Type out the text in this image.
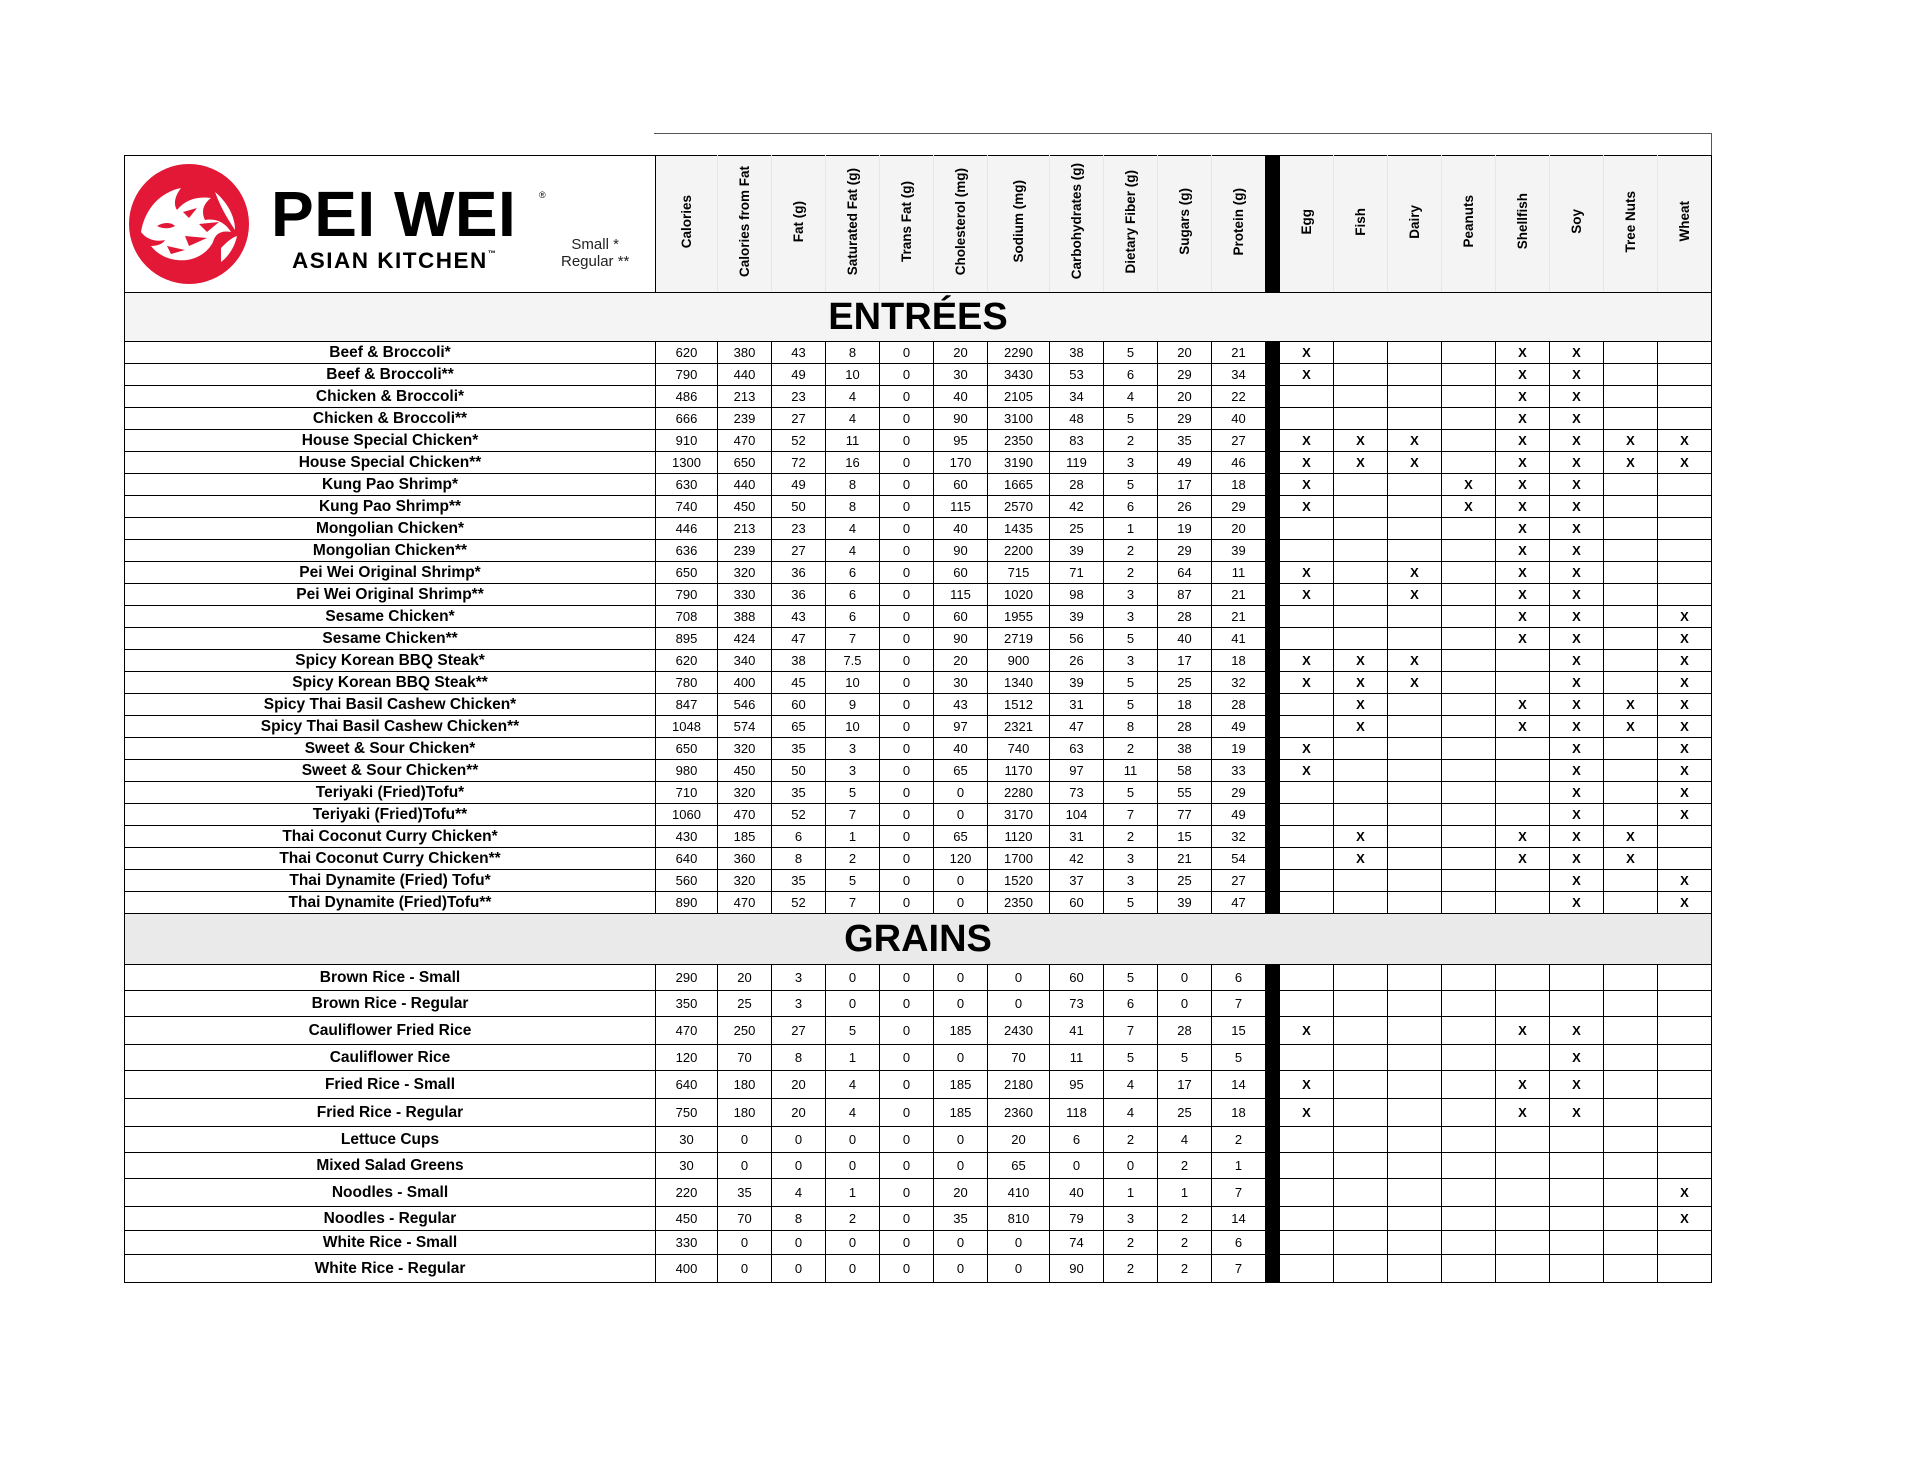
PEI WEI ®
ASIAN KITCHEN™
Small *
Regular **	Calories	Calories from Fat	Fat (g)	Saturated Fat (g)	Trans Fat (g)	Cholesterol (mg)	Sodium (mg)	Carbohydrates (g)	Dietary Fiber (g)	Sugars (g)	Protein (g)		Egg	Fish	Dairy	Peanuts	Shellfish	Soy	Tree Nuts	Wheat
ENTRÉES																				
Beef & Broccoli*	620	380	43	8	0	20	2290	38	5	20	21		X				X	X		
Beef & Broccoli**	790	440	49	10	0	30	3430	53	6	29	34		X				X	X		
Chicken & Broccoli*	486	213	23	4	0	40	2105	34	4	20	22						X	X		
Chicken & Broccoli**	666	239	27	4	0	90	3100	48	5	29	40						X	X		
House Special Chicken*	910	470	52	11	0	95	2350	83	2	35	27		X	X	X		X	X	X	X
House Special Chicken**	1300	650	72	16	0	170	3190	119	3	49	46		X	X	X		X	X	X	X
Kung Pao Shrimp*	630	440	49	8	0	60	1665	28	5	17	18		X			X	X	X		
Kung Pao Shrimp**	740	450	50	8	0	115	2570	42	6	26	29		X			X	X	X		
Mongolian Chicken*	446	213	23	4	0	40	1435	25	1	19	20						X	X		
Mongolian Chicken**	636	239	27	4	0	90	2200	39	2	29	39						X	X		
Pei Wei Original Shrimp*	650	320	36	6	0	60	715	71	2	64	11		X		X		X	X		
Pei Wei Original Shrimp**	790	330	36	6	0	115	1020	98	3	87	21		X		X		X	X		
Sesame Chicken*	708	388	43	6	0	60	1955	39	3	28	21						X	X		X
Sesame Chicken**	895	424	47	7	0	90	2719	56	5	40	41						X	X		X
Spicy Korean BBQ Steak*	620	340	38	7.5	0	20	900	26	3	17	18		X	X	X			X		X
Spicy Korean BBQ Steak**	780	400	45	10	0	30	1340	39	5	25	32		X	X	X			X		X
Spicy Thai Basil Cashew Chicken*	847	546	60	9	0	43	1512	31	5	18	28			X			X	X	X	X
Spicy Thai Basil Cashew Chicken**	1048	574	65	10	0	97	2321	47	8	28	49			X			X	X	X	X
Sweet & Sour Chicken*	650	320	35	3	0	40	740	63	2	38	19		X					X		X
Sweet & Sour Chicken**	980	450	50	3	0	65	1170	97	11	58	33		X					X		X
Teriyaki (Fried)Tofu*	710	320	35	5	0	0	2280	73	5	55	29							X		X
Teriyaki (Fried)Tofu**	1060	470	52	7	0	0	3170	104	7	77	49							X		X
Thai Coconut Curry Chicken*	430	185	6	1	0	65	1120	31	2	15	32			X			X	X	X	
Thai Coconut Curry Chicken**	640	360	8	2	0	120	1700	42	3	21	54			X			X	X	X	
Thai Dynamite (Fried) Tofu*	560	320	35	5	0	0	1520	37	3	25	27							X		X
Thai Dynamite (Fried)Tofu**	890	470	52	7	0	0	2350	60	5	39	47							X		X
GRAINS																				
Brown Rice - Small	290	20	3	0	0	0	0	60	5	0	6									
Brown Rice - Regular	350	25	3	0	0	0	0	73	6	0	7									
Cauliflower Fried Rice	470	250	27	5	0	185	2430	41	7	28	15		X				X	X		
Cauliflower Rice	120	70	8	1	0	0	70	11	5	5	5							X		
Fried Rice - Small	640	180	20	4	0	185	2180	95	4	17	14		X				X	X		
Fried Rice - Regular	750	180	20	4	0	185	2360	118	4	25	18		X				X	X		
Lettuce Cups	30	0	0	0	0	0	20	6	2	4	2									
Mixed Salad Greens	30	0	0	0	0	0	65	0	0	2	1									
Noodles - Small	220	35	4	1	0	20	410	40	1	1	7									X
Noodles - Regular	450	70	8	2	0	35	810	79	3	2	14									X
White Rice - Small	330	0	0	0	0	0	0	74	2	2	6									
White Rice - Regular	400	0	0	0	0	0	0	90	2	2	7									
